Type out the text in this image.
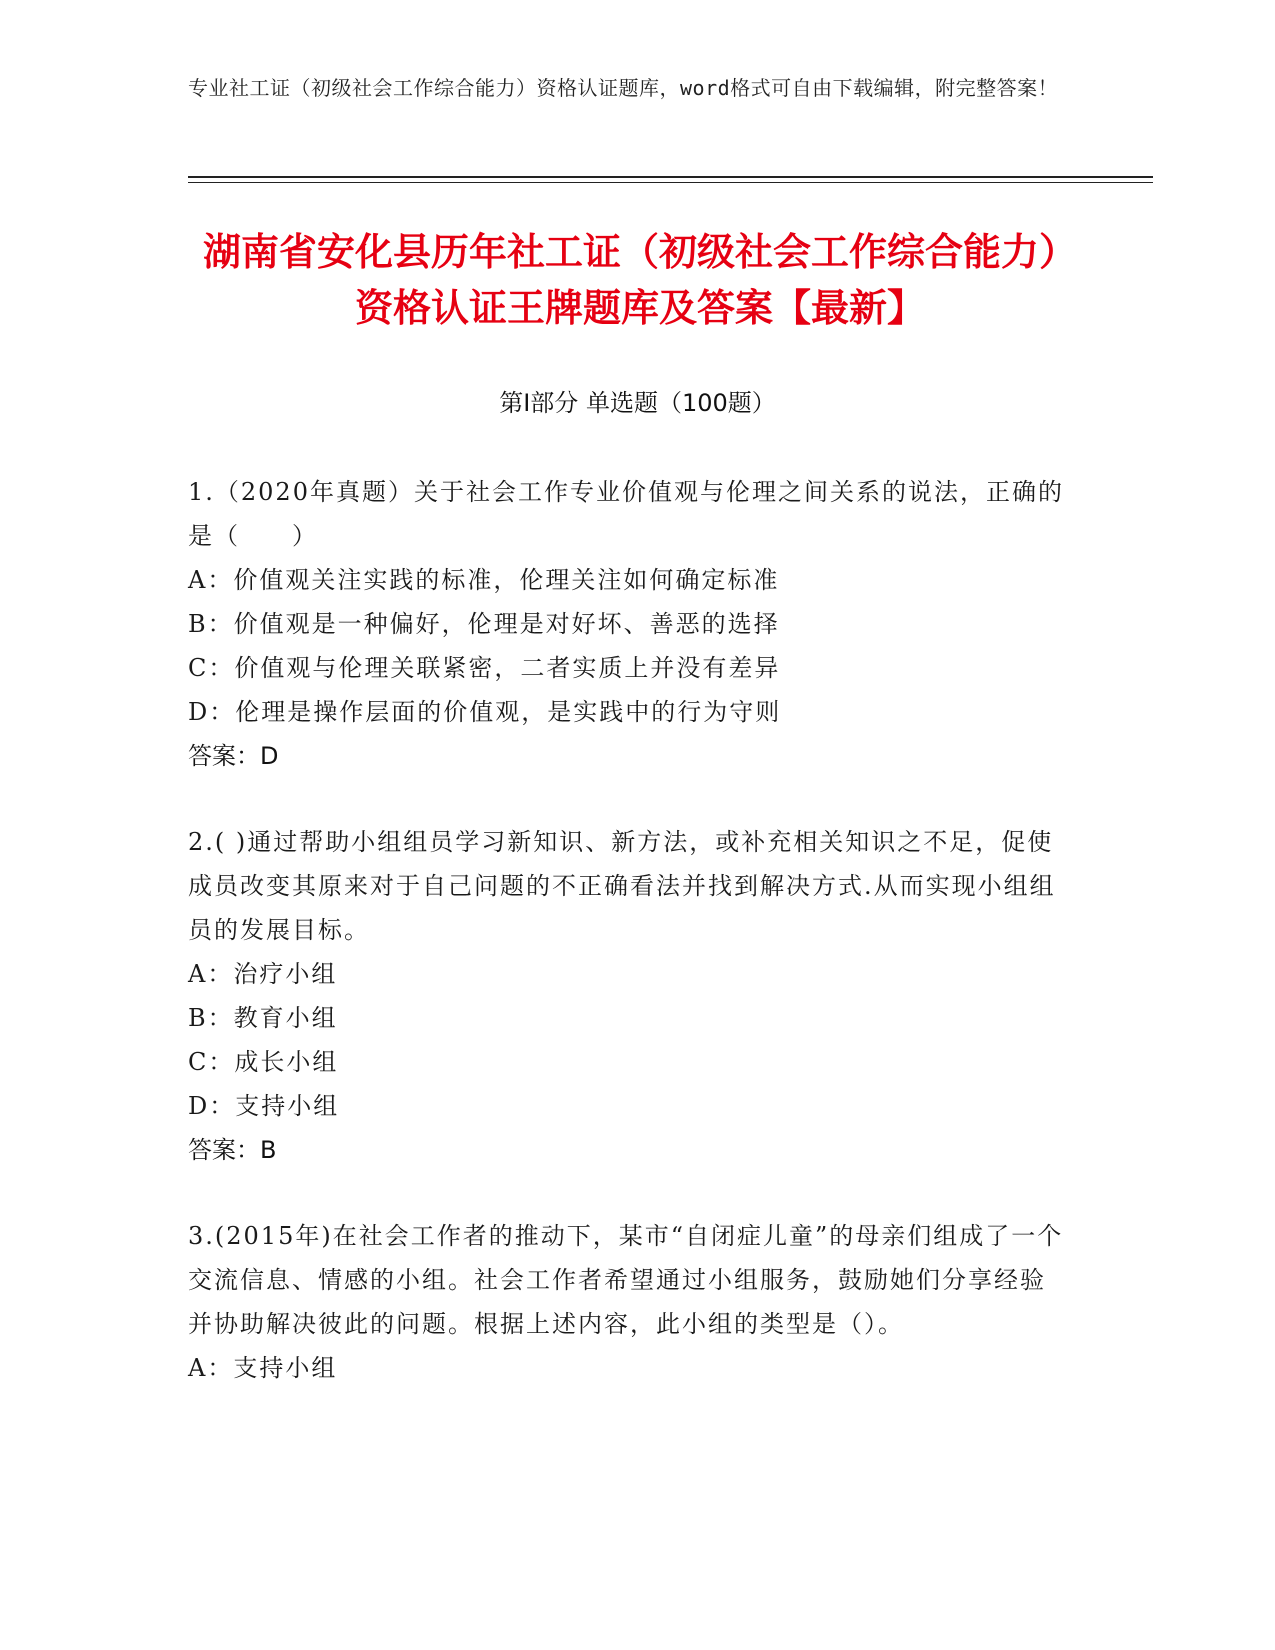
专业社工证（初级社会工作综合能力）资格认证题库，word格式可自由下载编辑，附完整答案！
湖南省安化县历年社工证（初级社会工作综合能力）资格认证王牌题库及答案【最新】
第Ⅰ部分 单选题（100题）
1.（2020年真题）关于社会工作专业价值观与伦理之间关系的说法，正确的是（　　）
A：价值观关注实践的标准，伦理关注如何确定标准
B：价值观是一种偏好，伦理是对好坏、善恶的选择
C：价值观与伦理关联紧密，二者实质上并没有差异
D：伦理是操作层面的价值观，是实践中的行为守则
答案：D
2.( )通过帮助小组组员学习新知识、新方法，或补充相关知识之不足，促使成员改变其原来对于自己问题的不正确看法并找到解决方式.从而实现小组组员的发展目标。
A：治疗小组
B：教育小组
C：成长小组
D：支持小组
答案：B
3.(2015年)在社会工作者的推动下，某市“自闭症儿童”的母亲们组成了一个交流信息、情感的小组。社会工作者希望通过小组服务，鼓励她们分享经验并协助解决彼此的问题。根据上述内容，此小组的类型是（）。
A：支持小组
